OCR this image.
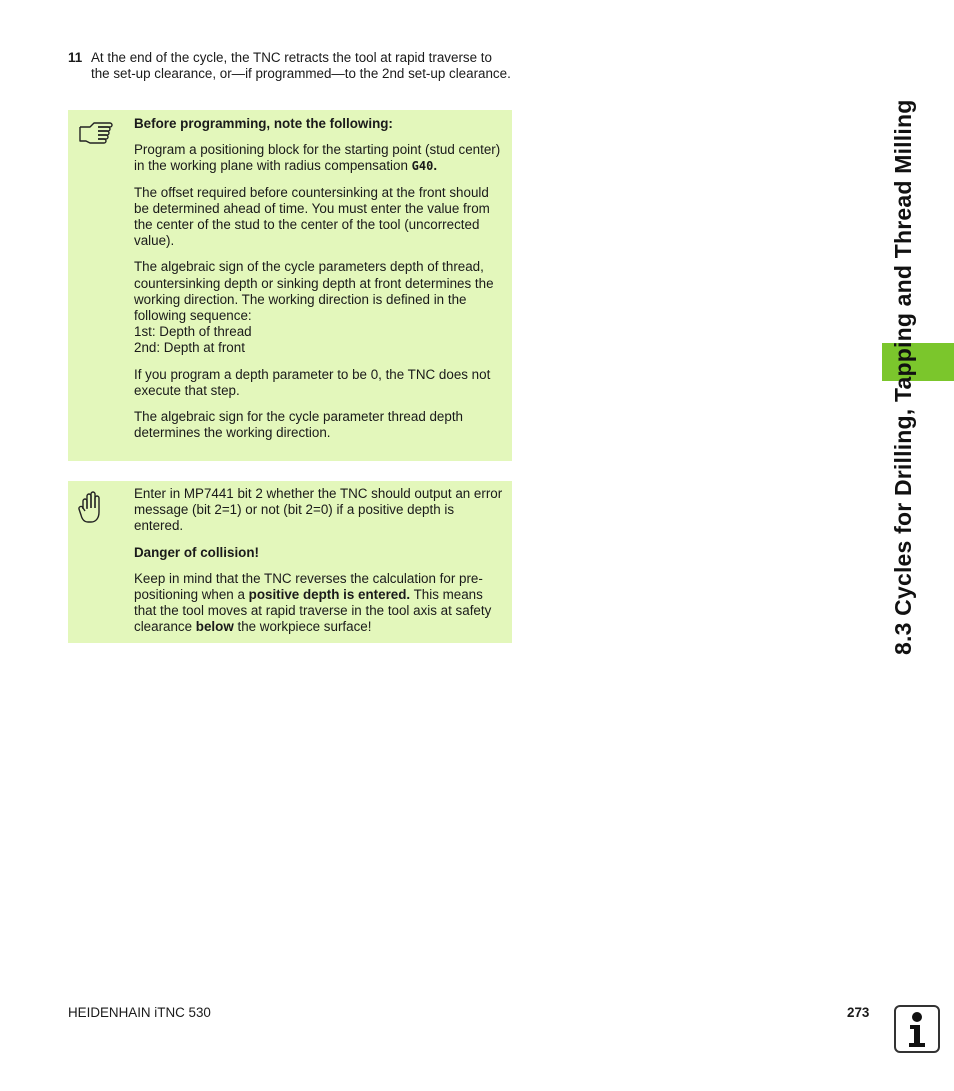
11 At the end of the cycle, the TNC retracts the tool at rapid traverse to the set-up clearance, or—if programmed—to the 2nd set-up clearance.

Before programming, note the following:

Program a positioning block for the starting point (stud center) in the working plane with radius compensation G40.

The offset required before countersinking at the front should be determined ahead of time. You must enter the value from the center of the stud to the center of the tool (uncorrected value).

The algebraic sign of the cycle parameters depth of thread, countersinking depth or sinking depth at front determines the working direction. The working direction is defined in the following sequence:
1st: Depth of thread
2nd: Depth at front

If you program a depth parameter to be 0, the TNC does not execute that step.

The algebraic sign for the cycle parameter thread depth determines the working direction.

Enter in MP7441 bit 2 whether the TNC should output an error message (bit 2=1) or not (bit 2=0) if a positive depth is entered.

Danger of collision!

Keep in mind that the TNC reverses the calculation for pre-positioning when a positive depth is entered. This means that the tool moves at rapid traverse in the tool axis at safety clearance below the workpiece surface!	8.3 Cycles for Drilling, Tapping and Thread Milling
HEIDENHAIN iTNC 530	273
